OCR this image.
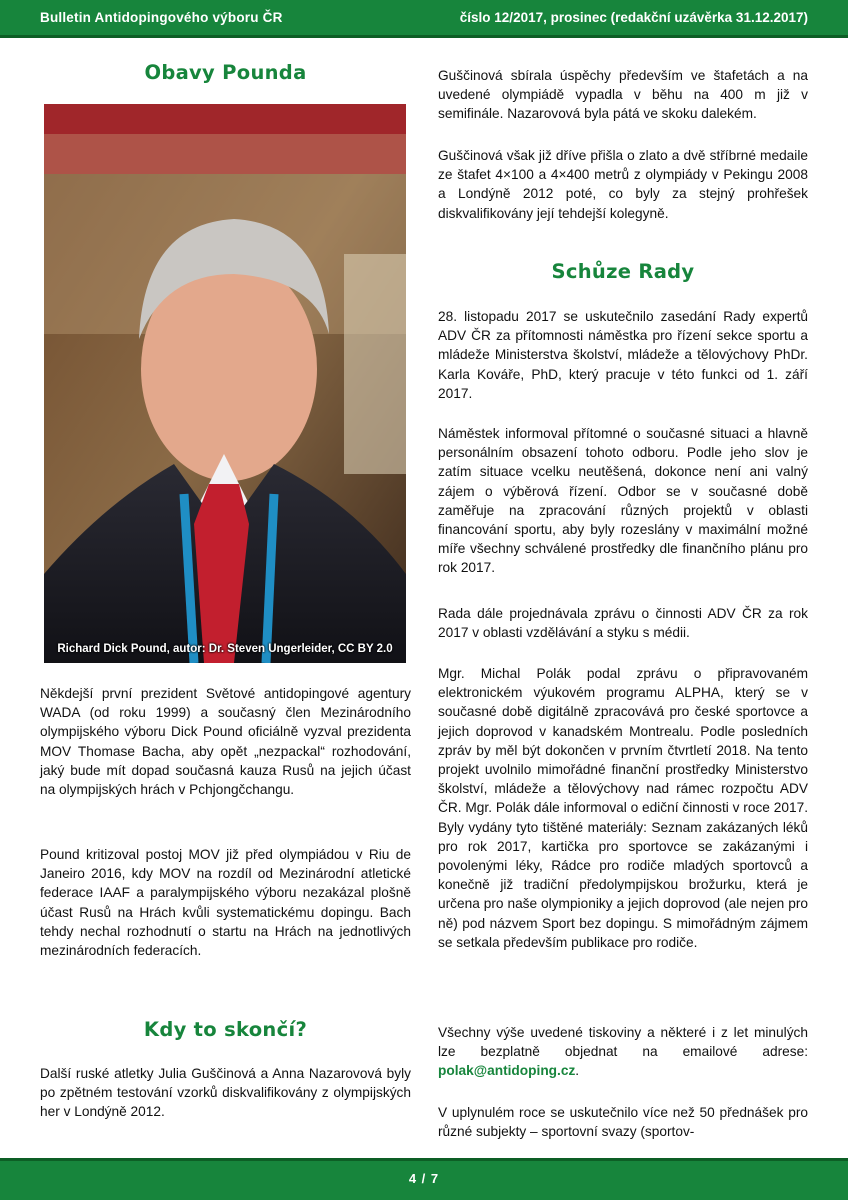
Bulletin Antidopingového výboru ČR	číslo 12/2017, prosinec (redakční uzávěrka 31.12.2017)
Obavy Pounda
Richard Dick Pound, autor: Dr. Steven Ungerleider, CC BY 2.0

Někdejší první prezident Světové antidopingové agentury WADA (od roku 1999) a současný člen Mezinárodního olympijského výboru Dick Pound oficiálně vyzval prezidenta MOV Thomase Bacha, aby opět „nezpackal“ rozhodování, jaký bude mít dopad současná kauza Rusů na jejich účast na olympijských hrách v Pchjongčchangu.

Pound kritizoval postoj MOV již před olympiádou v Riu de Janeiro 2016, kdy MOV na rozdíl od Mezinárodní atletické federace IAAF a paralympijského výboru nezakázal plošně účast Rusů na Hrách kvůli systematickému dopingu. Bach tehdy nechal rozhodnutí o startu na Hrách na jednotlivých mezinárodních federacích.

Kdy to skončí?

Další ruské atletky Julia Guščinová a Anna Nazarovová byly po zpětném testování vzorků diskvalifikovány z olympijských her v Londýně 2012.

Guščinová sbírala úspěchy především ve štafetách a na uvedené olympiádě vypadla v běhu na 400 m již v semifinále. Nazarovová byla pátá ve skoku dalekém.

Guščinová však již dříve přišla o zlato a dvě stříbrné medaile ze štafet 4×100 a 4×400 metrů z olympiády v Pekingu 2008 a Londýně 2012 poté, co byly za stejný prohřešek diskvalifikovány její tehdejší kolegyně.

Schůze Rady

28. listopadu 2017 se uskutečnilo zasedání Rady expertů ADV ČR za přítomnosti náměstka pro řízení sekce sportu a mládeže Ministerstva školství, mládeže a tělovýchovy PhDr. Karla Kováře, PhD, který pracuje v této funkci od 1. září 2017.

Náměstek informoval přítomné o současné situaci a hlavně personálním obsazení tohoto odboru. Podle jeho slov je zatím situace vcelku neutěšená, dokonce není ani valný zájem o výběrová řízení. Odbor se v současné době zaměřuje na zpracování různých projektů v oblasti financování sportu, aby byly rozeslány v maximální možné míře všechny schválené prostředky dle finančního plánu pro rok 2017.

Rada dále projednávala zprávu o činnosti ADV ČR za rok 2017 v oblasti vzdělávání a styku s médii.

Mgr. Michal Polák podal zprávu o připravovaném elektronickém výukovém programu ALPHA, který se v současné době digitálně zpracovává pro české sportovce a jejich doprovod v kanadském Montrealu. Podle posledních zpráv by měl být dokončen v prvním čtvrtletí 2018. Na tento projekt uvolnilo mimořádné finanční prostředky Ministerstvo školství, mládeže a tělovýchovy nad rámec rozpočtu ADV ČR. Mgr. Polák dále informoval o ediční činnosti v roce 2017. Byly vydány tyto tištěné materiály: Seznam zakázaných léků pro rok 2017, kartička pro sportovce se zakázanými i povolenými léky, Rádce pro rodiče mladých sportovců a konečně již tradiční předolympijskou brožurku, která je určena pro naše olympioniky a jejich doprovod (ale nejen pro ně) pod názvem Sport bez dopingu. S mimořádným zájmem se setkala především publikace pro rodiče.

Všechny výše uvedené tiskoviny a některé i z let minulých lze bezplatně objednat na emailové adrese: polak@antidoping.cz.

V uplynulém roce se uskutečnilo více než 50 přednášek pro různé subjekty – sportovní svazy (sportov-

4 / 7
